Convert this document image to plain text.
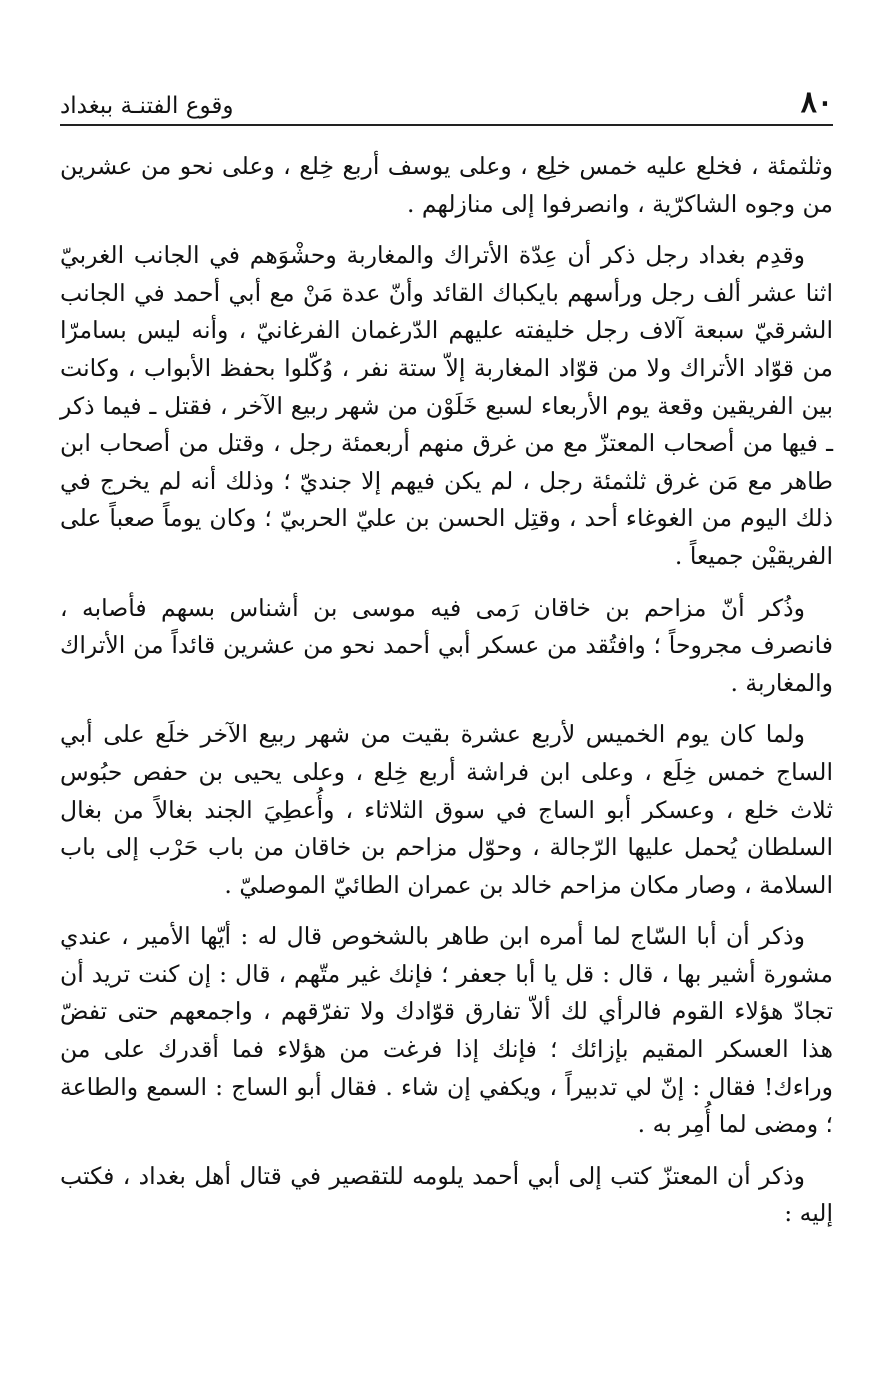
٨٠
وقوع الفتنـة ببغداد

وثلثمئة ، فخلع عليه خمس خلِع ، وعلى يوسف أربع خِلع ، وعلى نحو من عشرين من وجوه الشاكرّية ، وانصرفوا إلى منازلهم .

وقدِم بغداد رجل ذكر أن عِدّة الأتراك والمغاربة وحشْوَهم في الجانب الغربيّ اثنا عشر ألف رجل ورأسهم بايكباك القائد وأنّ عدة مَنْ مع أبي أحمد في الجانب الشرقيّ سبعة آلاف رجل خليفته عليهم الدّرغمان الفرغانيّ ، وأنه ليس بسامرّا من قوّاد الأتراك ولا من قوّاد المغاربة إلاّ ستة نفر ، وُكّلوا بحفظ الأبواب ، وكانت بين الفريقين وقعة يوم الأربعاء لسبع خَلَوْن من شهر ربيع الآخر ، فقتل ـ فيما ذكر ـ فيها من أصحاب المعتزّ مع من غرق منهم أربعمئة رجل ، وقتل من أصحاب ابن طاهر مع مَن غرق ثلثمئة رجل ، لم يكن فيهم إلا جنديّ ؛ وذلك أنه لم يخرج في ذلك اليوم من الغوغاء أحد ، وقتِل الحسن بن عليّ الحربيّ ؛ وكان يوماً صعباً على الفريقيْن جميعاً .

وذُكر أنّ مزاحم بن خاقان رَمى فيه موسى بن أشناس بسهم فأصابه ، فانصرف مجروحاً ؛ وافتُقد من عسكر أبي أحمد نحو من عشرين قائداً من الأتراك والمغاربة .

ولما كان يوم الخميس لأربع عشرة بقيت من شهر ربيع الآخر خلَع على أبي الساج خمس خِلَع ، وعلى ابن فراشة أربع خِلع ، وعلى يحيى بن حفص حبُوس ثلاث خلع ، وعسكر أبو الساج في سوق الثلاثاء ، وأُعطِيَ الجند بغالاً من بغال السلطان يُحمل عليها الرّجالة ، وحوّل مزاحم بن خاقان من باب حَرْب إلى باب السلامة ، وصار مكان مزاحم خالد بن عمران الطائيّ الموصليّ .

وذكر أن أبا السّاج لما أمره ابن طاهر بالشخوص قال له : أيّها الأمير ، عندي مشورة أشير بها ، قال : قل يا أبا جعفر ؛ فإنك غير متّهم ، قال : إن كنت تريد أن تجادّ هؤلاء القوم فالرأي لك ألاّ تفارق قوّادك ولا تفرّقهم ، واجمعهم حتى تفضّ هذا العسكر المقيم بإزائك ؛ فإنك إذا فرغت من هؤلاء فما أقدرك على من وراءك! فقال : إنّ لي تدبيراً ، ويكفي إن شاء . فقال أبو الساج : السمع والطاعة ؛ ومضى لما أُمِر به .

وذكر أن المعتزّ كتب إلى أبي أحمد يلومه للتقصير في قتال أهل بغداد ، فكتب إليه :
